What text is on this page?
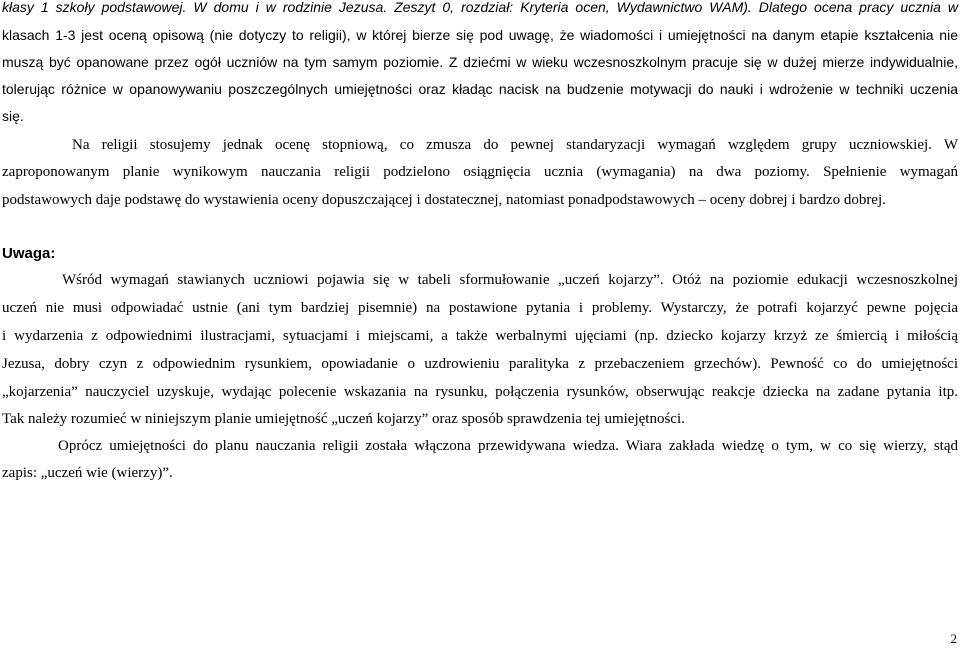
kłasy 1 szkoły podstawowej. W domu i w rodzinie Jezusa. Zeszyt 0, rozdział: Kryteria ocen, Wydawnictwo WAM). Dlatego ocena pracy ucznia w
klasach 1-3 jest oceną opisową (nie dotyczy to religii), w której bierze się pod uwagę, że wiadomości i umiejętności na danym etapie kształcenia nie
muszą być opanowane przez ogół uczniów na tym samym poziomie. Z dziećmi w wieku wczesnoszkolnym pracuje się w dużej mierze indywidualnie,
tolerując różnice w opanowywaniu poszczególnych umiejętności oraz kładąc nacisk na budzenie motywacji do nauki i wdrożenie w techniki uczenia
się.
Na religii stosujemy jednak ocenę stopniową, co zmusza do pewnej standaryzacji wymagań względem grupy uczniowskiej. W
zaproponowanym planie wynikowym nauczania religii podzielono osiągnięcia ucznia (wymagania) na dwa poziomy. Spełnienie wymagań
podstawowych daje podstawę do wystawienia oceny dopuszczającej i dostatecznej, natomiast ponadpodstawowych – oceny dobrej i bardzo dobrej.
Uwaga:
Wśród wymagań stawianych uczniowi pojawia się w tabeli sformułowanie „uczeń kojarzy”. Otóż na poziomie edukacji wczesnoszkolnej
uczeń nie musi odpowiadać ustnie (ani tym bardziej pisemnie) na postawione pytania i problemy. Wystarczy, że potrafi kojarzyć pewne pojęcia
i wydarzenia z odpowiednimi ilustracjami, sytuacjami i miejscami, a także werbalnymi ujęciami (np. dziecko kojarzy krzyż ze śmiercią i miłością
Jezusa, dobry czyn z odpowiednim rysunkiem, opowiadanie o uzdrowieniu paralityka z przebaczeniem grzechów). Pewność co do umiejętności
„kojarzenia” nauczyciel uzyskuje, wydając polecenie wskazania na rysunku, połączenia rysunków, obserwując reakcje dziecka na zadane pytania itp.
Tak należy rozumieć w niniejszym planie umiejętność „uczeń kojarzy” oraz sposób sprawdzenia tej umiejętności.
Oprócz umiejętności do planu nauczania religii została włączona przewidywana wiedza. Wiara zakłada wiedzę o tym, w co się wierzy, stąd
zapis: „uczeń wie (wierzy)”.
2
